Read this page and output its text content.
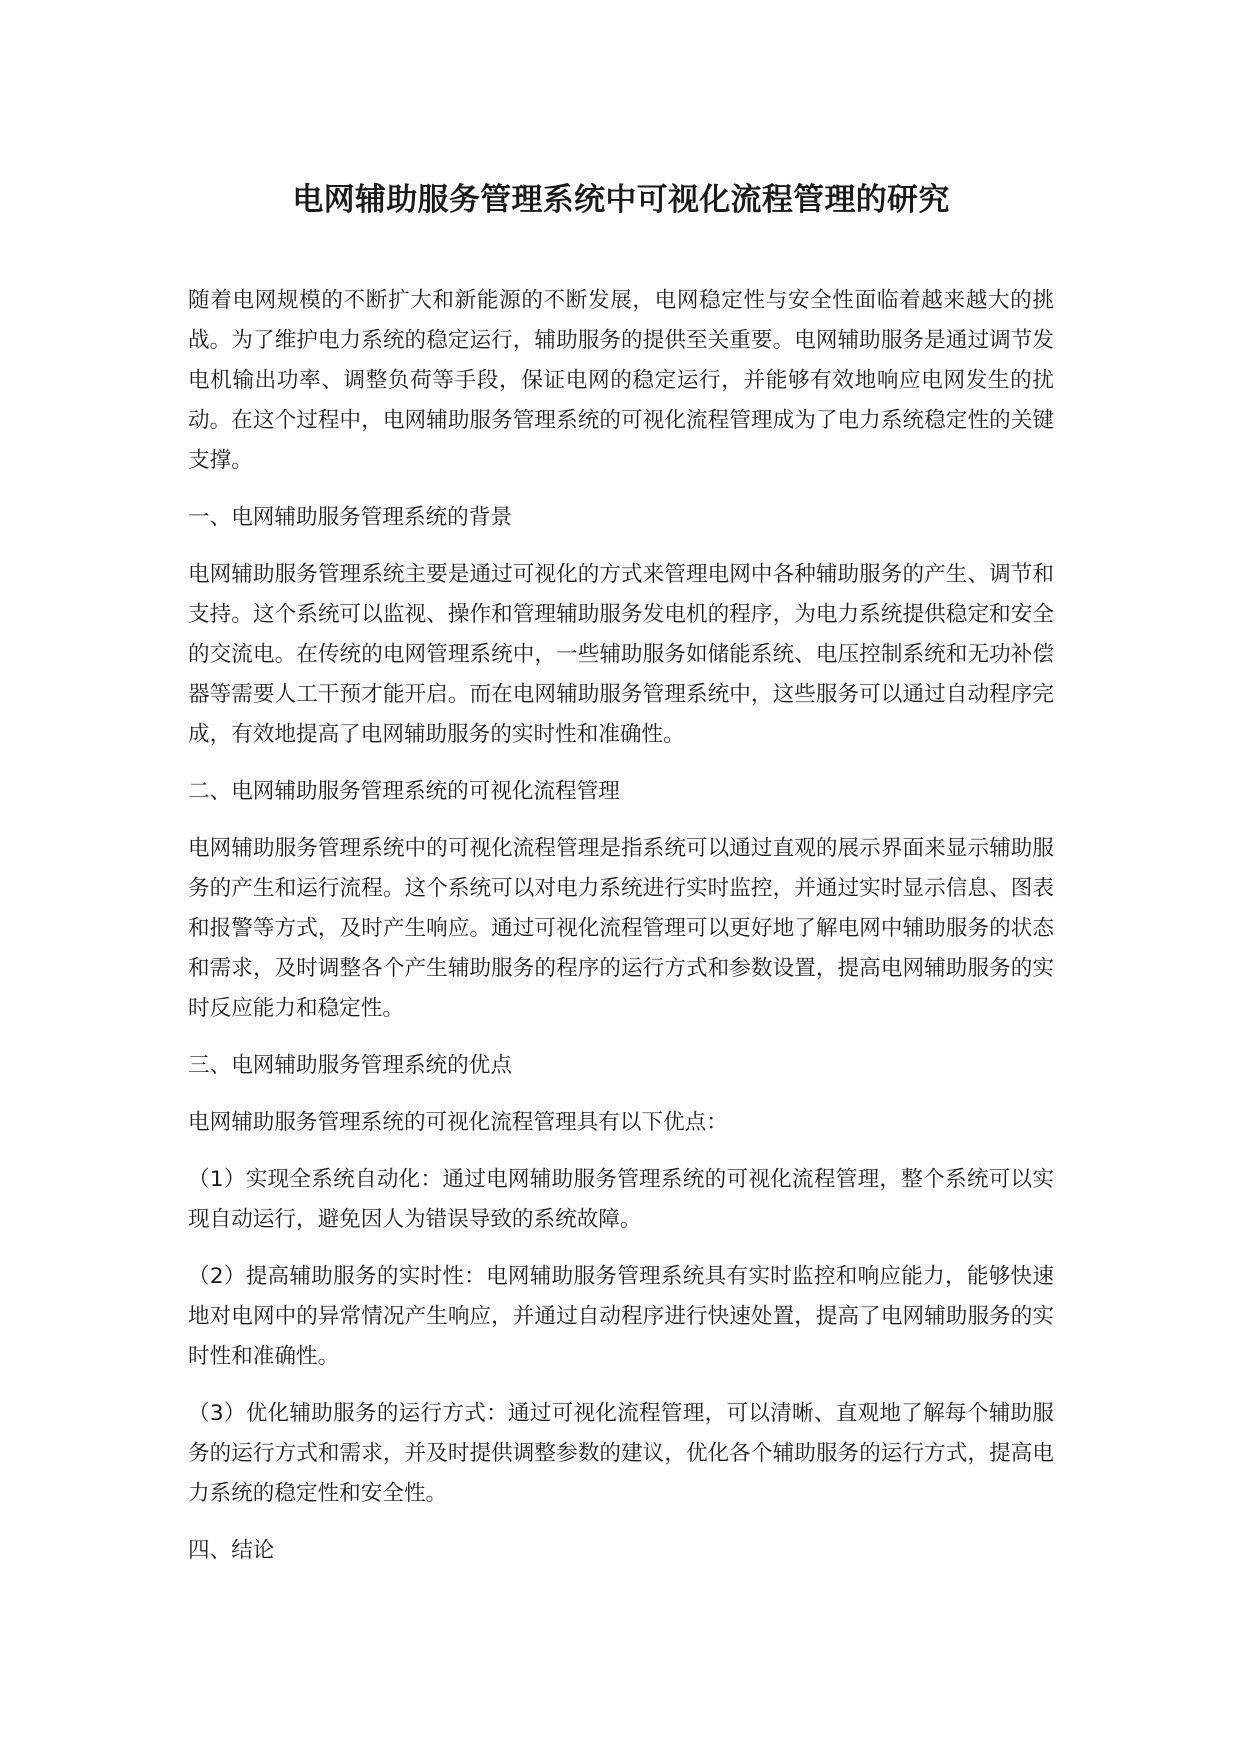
电网辅助服务管理系统中可视化流程管理的研究

随着电网规模的不断扩大和新能源的不断发展，电网稳定性与安全性面临着越来越大的挑战。为了维护电力系统的稳定运行，辅助服务的提供至关重要。电网辅助服务是通过调节发电机输出功率、调整负荷等手段，保证电网的稳定运行，并能够有效地响应电网发生的扰动。在这个过程中，电网辅助服务管理系统的可视化流程管理成为了电力系统稳定性的关键支撑。

一、电网辅助服务管理系统的背景

电网辅助服务管理系统主要是通过可视化的方式来管理电网中各种辅助服务的产生、调节和支持。这个系统可以监视、操作和管理辅助服务发电机的程序，为电力系统提供稳定和安全的交流电。在传统的电网管理系统中，一些辅助服务如储能系统、电压控制系统和无功补偿器等需要人工干预才能开启。而在电网辅助服务管理系统中，这些服务可以通过自动程序完成，有效地提高了电网辅助服务的实时性和准确性。

二、电网辅助服务管理系统的可视化流程管理

电网辅助服务管理系统中的可视化流程管理是指系统可以通过直观的展示界面来显示辅助服务的产生和运行流程。这个系统可以对电力系统进行实时监控，并通过实时显示信息、图表和报警等方式，及时产生响应。通过可视化流程管理可以更好地了解电网中辅助服务的状态和需求，及时调整各个产生辅助服务的程序的运行方式和参数设置，提高电网辅助服务的实时反应能力和稳定性。

三、电网辅助服务管理系统的优点

电网辅助服务管理系统的可视化流程管理具有以下优点：

（1）实现全系统自动化：通过电网辅助服务管理系统的可视化流程管理，整个系统可以实现自动运行，避免因人为错误导致的系统故障。

（2）提高辅助服务的实时性：电网辅助服务管理系统具有实时监控和响应能力，能够快速地对电网中的异常情况产生响应，并通过自动程序进行快速处置，提高了电网辅助服务的实时性和准确性。

（3）优化辅助服务的运行方式：通过可视化流程管理，可以清晰、直观地了解每个辅助服务的运行方式和需求，并及时提供调整参数的建议，优化各个辅助服务的运行方式，提高电力系统的稳定性和安全性。

四、结论
